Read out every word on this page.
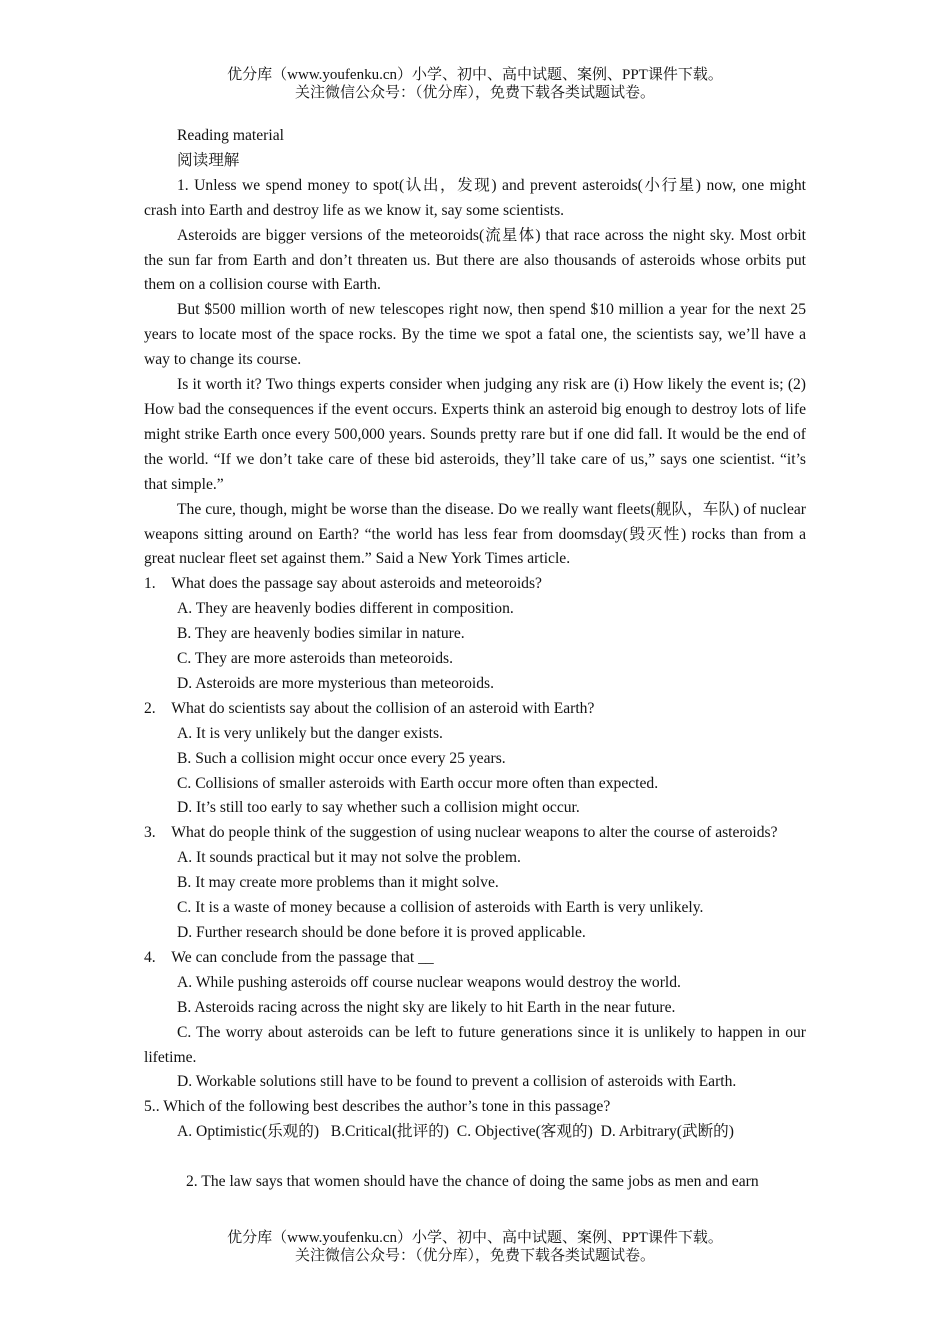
优分库（www.youfenku.cn）小学、初中、高中试题、案例、PPT课件下载。
关注微信公众号：（优分库），免费下载各类试题试卷。

Reading material

阅读理解

1. Unless we spend money to spot(认出，发现) and prevent asteroids(小行星) now, one might crash into Earth and destroy life as we know it, say some scientists.

Asteroids are bigger versions of the meteoroids(流星体) that race across the night sky. Most orbit the sun far from Earth and don’t threaten us. But there are also thousands of asteroids whose orbits put them on a collision course with Earth.

But $500 million worth of new telescopes right now, then spend $10 million a year for the next 25 years to locate most of the space rocks. By the time we spot a fatal one, the scientists say, we’ll have a way to change its course.

Is it worth it? Two things experts consider when judging any risk are (i) How likely the event is; (2) How bad the consequences if the event occurs. Experts think an asteroid big enough to destroy lots of life might strike Earth once every 500,000 years. Sounds pretty rare but if one did fall. It would be the end of the world. “If we don’t take care of these bid asteroids, they’ll take care of us,” says one scientist. “it’s that simple.”

The cure, though, might be worse than the disease. Do we really want fleets(舰队，车队) of nuclear weapons sitting around on Earth? “the world has less fear from doomsday(毁灭性) rocks than from a great nuclear fleet set against them.” Said a New York Times article.

1. What does the passage say about asteroids and meteoroids?

A. They are heavenly bodies different in composition.

B. They are heavenly bodies similar in nature.

C. They are more asteroids than meteoroids.

D. Asteroids are more mysterious than meteoroids.

2. What do scientists say about the collision of an asteroid with Earth?

A. It is very unlikely but the danger exists.

B. Such a collision might occur once every 25 years.

C. Collisions of smaller asteroids with Earth occur more often than expected.

D. It’s still too early to say whether such a collision might occur.

3. What do people think of the suggestion of using nuclear weapons to alter the course of asteroids?

A. It sounds practical but it may not solve the problem.

B. It may create more problems than it might solve.

C. It is a waste of money because a collision of asteroids with Earth is very unlikely.

D. Further research should be done before it is proved applicable.

4. We can conclude from the passage that __

A. While pushing asteroids off course nuclear weapons would destroy the world.

B. Asteroids racing across the night sky are likely to hit Earth in the near future.

C. The worry about asteroids can be left to future generations since it is unlikely to happen in our lifetime.

D. Workable solutions still have to be found to prevent a collision of asteroids with Earth.

5.. Which of the following best describes the author’s tone in this passage?

A. Optimistic(乐观的)   B.Critical(批评的)  C. Objective(客观的)  D. Arbitrary(武断的)

2. The law says that women should have the chance of doing the same jobs as men and earn

优分库（www.youfenku.cn）小学、初中、高中试题、案例、PPT课件下载。
关注微信公众号：（优分库），免费下载各类试题试卷。
